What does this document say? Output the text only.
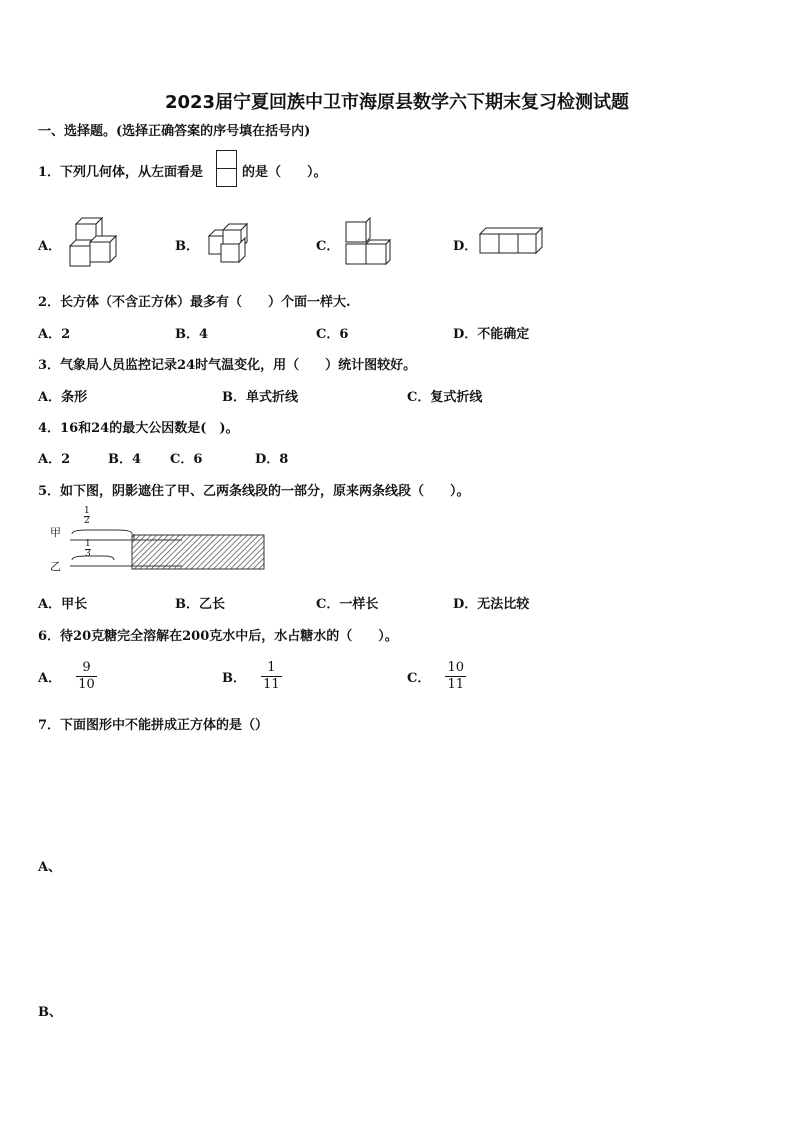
2023届宁夏回族中卫市海原县数学六下期末复习检测试题
一、选择题。(选择正确答案的序号填在括号内)
1．下列几何体，从左面看是	的是（　　）。
A．	B．	C．	D．
2．长方体（不含正方体）最多有（　　）个面一样大.
A．2	B．4	C．6	D．不能确定
3．气象局人员监控记录24时气温变化，用（　　）统计图较好。
A．条形	B．单式折线	C．复式折线
4．16和24的最大公因数是(　)。
A．2	B．4 C．6	D．8
5．如下图，阴影遮住了甲、乙两条线段的一部分，原来两条线段（　　）。
甲
乙
1
2
1
3
A．甲长	B．乙长	C．一样长	D．无法比较
6．待20克糖完全溶解在200克水中后，水占糖水的（　　）。
A． $\frac{9}{10}$	B． $\frac{1}{11}$	C． $\frac{10}{11}$
7．下面图形中不能拼成正方体的是（）
A、
B、
